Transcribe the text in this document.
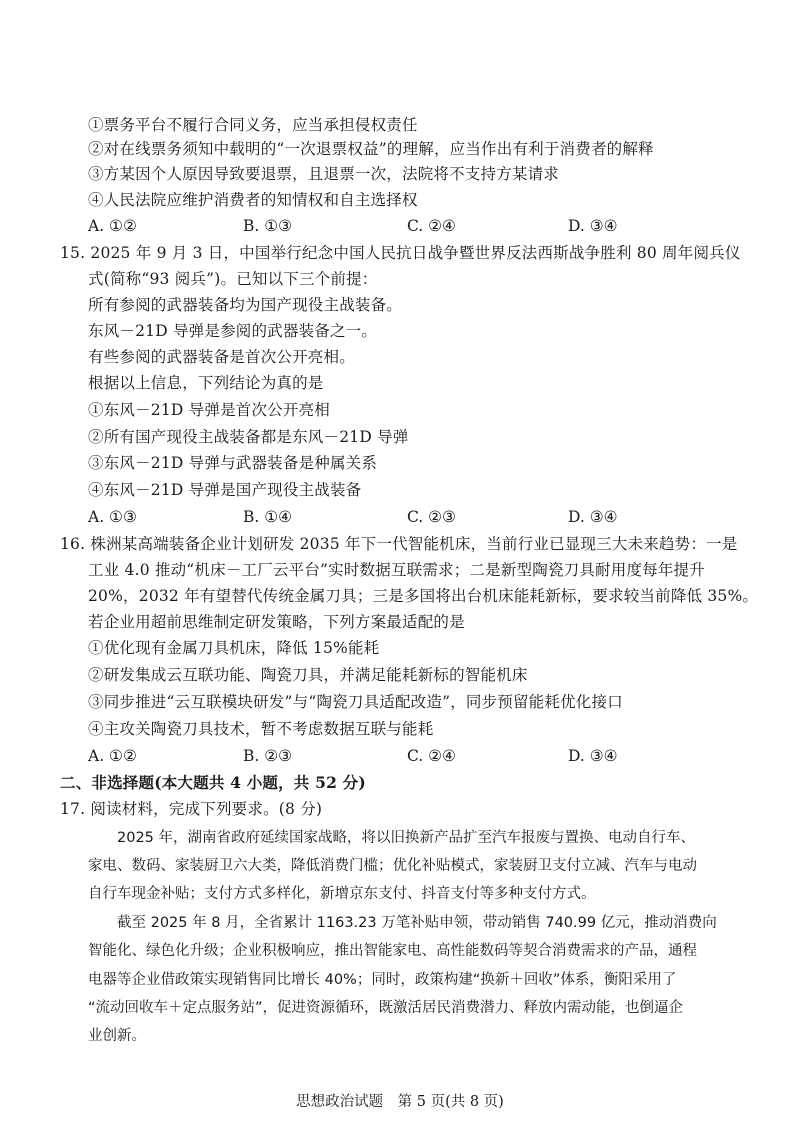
①票务平台不履行合同义务，应当承担侵权责任
②对在线票务须知中载明的“一次退票权益”的理解，应当作出有利于消费者的解释
③方某因个人原因导致要退票，且退票一次，法院将不支持方某请求
④人民法院应维护消费者的知情权和自主选择权
A. ①②	B. ①③	C. ②④	D. ③④
15. 2025 年 9 月 3 日，中国举行纪念中国人民抗日战争暨世界反法西斯战争胜利 80 周年阅兵仪
式(简称“93 阅兵”)。已知以下三个前提：
所有参阅的武器装备均为国产现役主战装备。
东风－21D 导弹是参阅的武器装备之一。
有些参阅的武器装备是首次公开亮相。
根据以上信息，下列结论为真的是
①东风－21D 导弹是首次公开亮相
②所有国产现役主战装备都是东风－21D 导弹
③东风－21D 导弹与武器装备是种属关系
④东风－21D 导弹是国产现役主战装备
A. ①③	B. ①④	C. ②③	D. ③④
16. 株洲某高端装备企业计划研发 2035 年下一代智能机床，当前行业已显现三大未来趋势：一是
工业 4.0 推动“机床－工厂云平台”实时数据互联需求；二是新型陶瓷刀具耐用度每年提升
20%，2032 年有望替代传统金属刀具；三是多国将出台机床能耗新标，要求较当前降低 35%。
若企业用超前思维制定研发策略，下列方案最适配的是
①优化现有金属刀具机床，降低 15%能耗
②研发集成云互联功能、陶瓷刀具，并满足能耗新标的智能机床
③同步推进“云互联模块研发”与“陶瓷刀具适配改造”，同步预留能耗优化接口
④主攻关陶瓷刀具技术，暂不考虑数据互联与能耗
A. ①②	B. ②③	C. ②④	D. ③④
二、非选择题(本大题共 4 小题，共 52 分)
17. 阅读材料，完成下列要求。(8 分)
2025 年，湖南省政府延续国家战略，将以旧换新产品扩至汽车报废与置换、电动自行车、
家电、数码、家装厨卫六大类，降低消费门槛；优化补贴模式，家装厨卫支付立减、汽车与电动
自行车现金补贴；支付方式多样化，新增京东支付、抖音支付等多种支付方式。
截至 2025 年 8 月，全省累计 1163.23 万笔补贴申领，带动销售 740.99 亿元，推动消费向
智能化、绿色化升级；企业积极响应，推出智能家电、高性能数码等契合消费需求的产品，通程
电器等企业借政策实现销售同比增长 40%；同时，政策构建“换新＋回收”体系，衡阳采用了
“流动回收车＋定点服务站”，促进资源循环，既激活居民消费潜力、释放内需动能，也倒逼企
业创新。
思想政治试题　第 5 页(共 8 页)
